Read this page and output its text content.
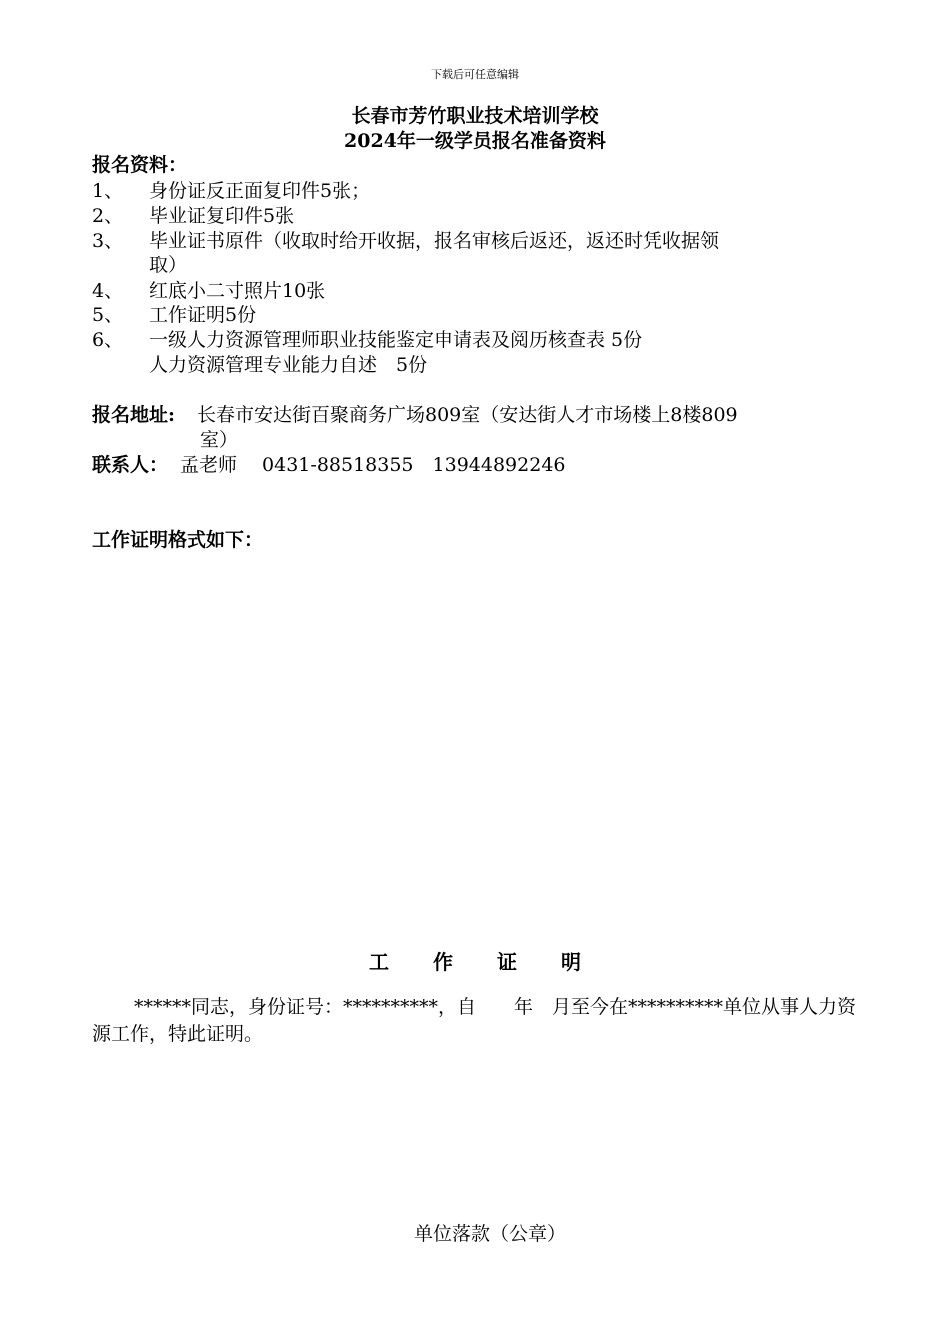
下载后可任意编辑
长春市芳竹职业技术培训学校
2024年一级学员报名准备资料
报名资料：
1、 身份证反正面复印件5张；
2、 毕业证复印件5张
3、 毕业证书原件（收取时给开收据，报名审核后返还，返还时凭收据领
取）
4、 红底小二寸照片10张
5、 工作证明5份
6、 一级人力资源管理师职业技能鉴定申请表及阅历核查表 5份
人力资源管理专业能力自述　5份
报名地址: 长春市安达街百聚商务广场809室（安达街人才市场楼上8楼809
室）
联系人： 孟老师　 0431-88518355　13944892246
工作证明格式如下：
工 作 证 明
******同志，身份证号：**********，自　　年　月至今在**********单位从事人力资源工作，特此证明。
单位落款（公章）
